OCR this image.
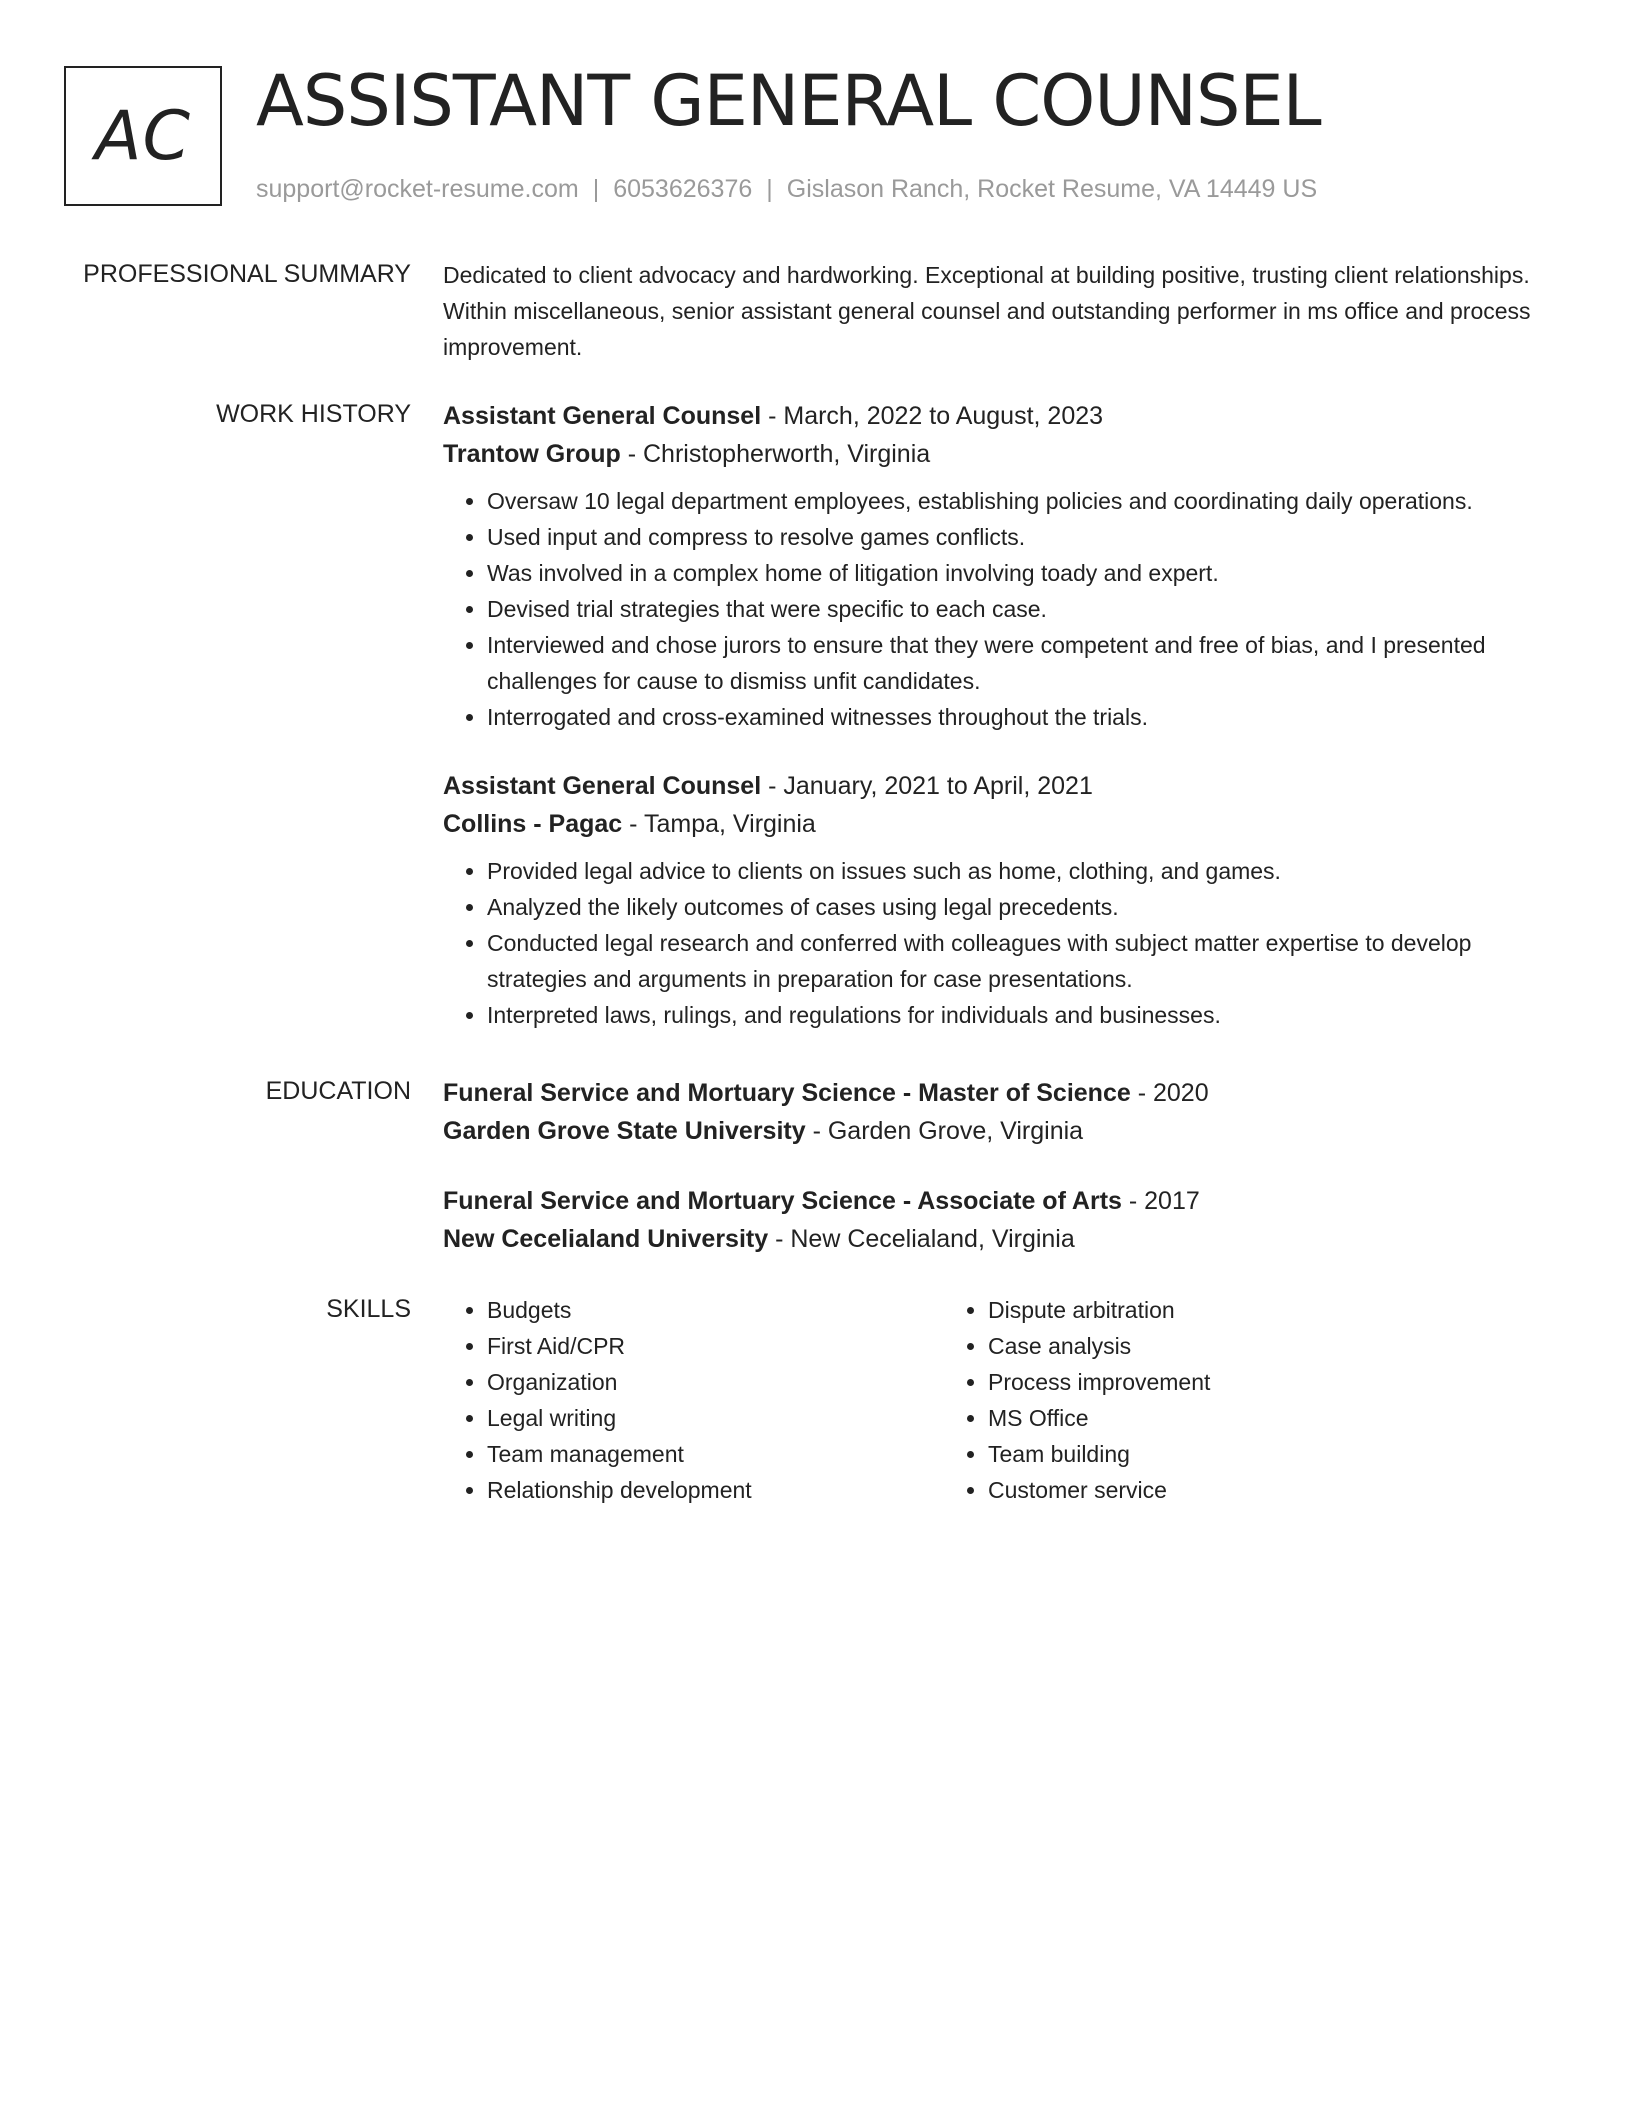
AC ASSISTANT GENERAL COUNSEL
support@rocket-resume.com | 6053626376 | Gislason Ranch, Rocket Resume, VA 14449 US
PROFESSIONAL SUMMARY Dedicated to client advocacy and hardworking. Exceptional at building positive, trusting client relationships. Within miscellaneous, senior assistant general counsel and outstanding performer in ms office and process improvement.

WORK HISTORY Assistant General Counsel - March, 2022 to August, 2023
Trantow Group - Christopherworth, Virginia
• Oversaw 10 legal department employees, establishing policies and coordinating daily operations.
• Used input and compress to resolve games conflicts.
• Was involved in a complex home of litigation involving toady and expert.
• Devised trial strategies that were specific to each case.
• Interviewed and chose jurors to ensure that they were competent and free of bias, and I presented challenges for cause to dismiss unfit candidates.
• Interrogated and cross-examined witnesses throughout the trials.
Assistant General Counsel - January, 2021 to April, 2021
Collins - Pagac - Tampa, Virginia
• Provided legal advice to clients on issues such as home, clothing, and games.
• Analyzed the likely outcomes of cases using legal precedents.
• Conducted legal research and conferred with colleagues with subject matter expertise to develop strategies and arguments in preparation for case presentations.
• Interpreted laws, rulings, and regulations for individuals and businesses.
EDUCATION Funeral Service and Mortuary Science - Master of Science - 2020
Garden Grove State University - Garden Grove, Virginia
Funeral Service and Mortuary Science - Associate of Arts - 2017
New Cecelialand University - New Cecelialand, Virginia
SKILLS
•	Budgets
• First Aid/CPR
• Organization
• Legal writing
• Team management
• Relationship development
• Dispute arbitration
• Case analysis
• Process improvement
• MS Office
• Team building
• Customer service
